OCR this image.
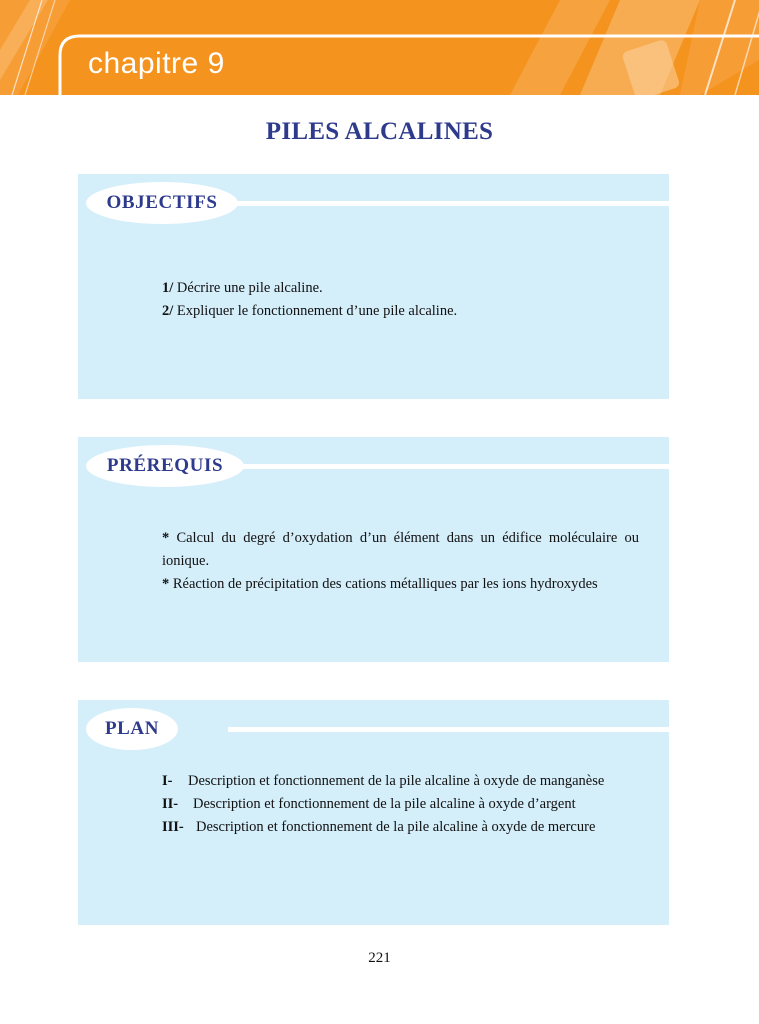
chapitre 9
PILES ALCALINES
OBJECTIFS

1/ Décrire une pile alcaline.

2/ Expliquer le fonctionnement d’une pile alcaline.

PRÉREQUIS

* Calcul du degré d’oxydation d’un élément dans un édifice moléculaire ou ionique.

* Réaction de précipitation des cations métalliques par les ions hydroxydes

PLAN

I- Description et fonctionnement de la pile alcaline à oxyde de manganèse

II- Description et fonctionnement de la pile alcaline à oxyde d’argent

III- Description et fonctionnement de la pile alcaline à oxyde de mercure

221
